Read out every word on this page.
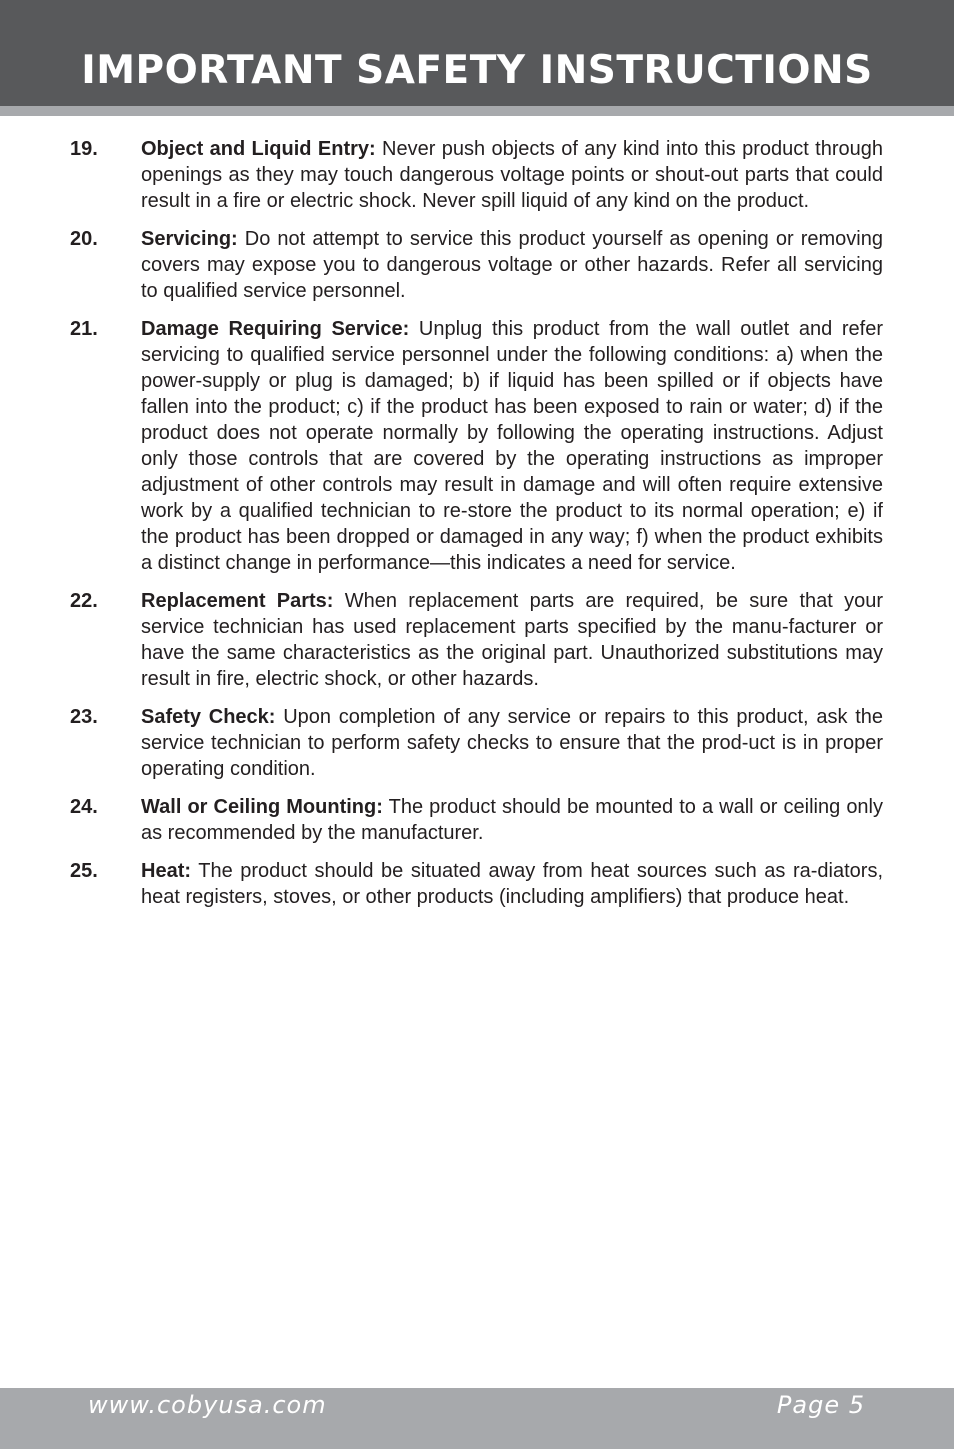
IMPORTANT SAFETY INSTRUCTIONS
19. Object and Liquid Entry: Never push objects of any kind into this product through openings as they may touch dangerous voltage points or shout-out parts that could result in a fire or electric shock. Never spill liquid of any kind on the product.
20. Servicing: Do not attempt to service this product yourself as opening or removing covers may expose you to dangerous voltage or other hazards. Refer all servicing to qualified service personnel.
21. Damage Requiring Service: Unplug this product from the wall outlet and refer servicing to qualified service personnel under the following conditions: a) when the power-supply or plug is damaged; b) if liquid has been spilled or if objects have fallen into the product; c) if the product has been exposed to rain or water; d) if the product does not operate normally by following the operating instructions. Adjust only those controls that are covered by the operating instructions as improper adjustment of other controls may result in damage and will often require extensive work by a qualified technician to re-store the product to its normal operation; e) if the product has been dropped or damaged in any way; f) when the product exhibits a distinct change in performance—this indicates a need for service.
22. Replacement Parts: When replacement parts are required, be sure that your service technician has used replacement parts specified by the manu-facturer or have the same characteristics as the original part. Unauthorized substitutions may result in fire, electric shock, or other hazards.
23. Safety Check: Upon completion of any service or repairs to this product, ask the service technician to perform safety checks to ensure that the prod-uct is in proper operating condition.
24. Wall or Ceiling Mounting: The product should be mounted to a wall or ceiling only as recommended by the manufacturer.
25. Heat: The product should be situated away from heat sources such as ra-diators, heat registers, stoves, or other products (including amplifiers) that produce heat.
www.cobyusa.com	Page 5
